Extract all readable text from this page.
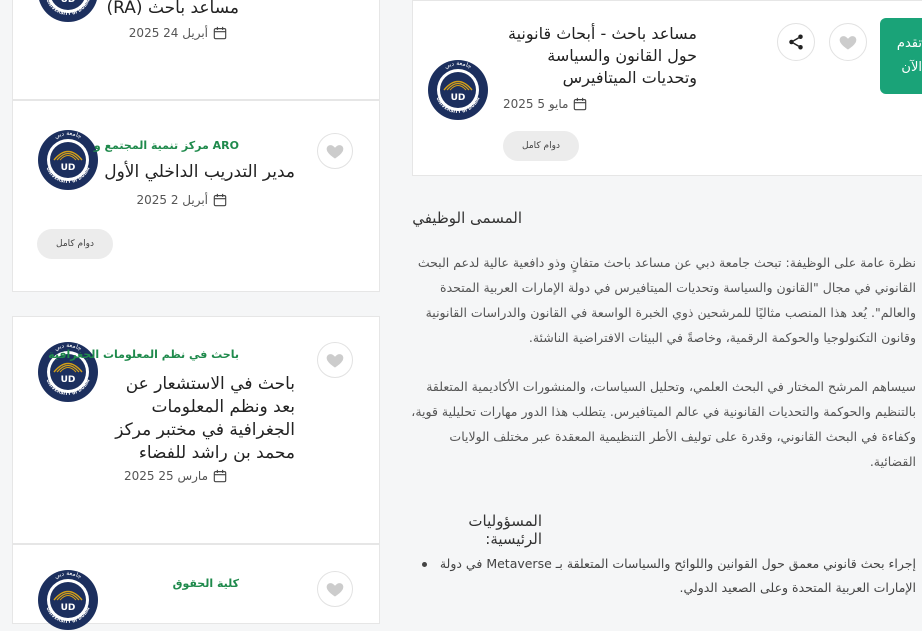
مساعد باحث (RA)
أبريل 24 2025
ARO مركز تنمية المجتمع و
مدير التدريب الداخلي الأول
أبريل 2 2025
دوام كامل
باحث في نظم المعلومات الجغرافية
باحث في الاستشعار عن بعد ونظم المعلومات الجغرافية في مختبر مركز محمد بن راشد للفضاء
مارس 25 2025
كلية الحقوق
مساعد باحث - أبحاث قانونية حول القانون والسياسة وتحديات الميتافيرس
مايو 5 2025
دوام كامل
المسمى الوظيفي
نظرة عامة على الوظيفة: تبحث جامعة دبي عن مساعد باحث متفانٍ وذو دافعية عالية لدعم البحث القانوني في مجال "القانون والسياسة وتحديات الميتافيرس في دولة الإمارات العربية المتحدة والعالم". يُعد هذا المنصب مثاليًا للمرشحين ذوي الخبرة الواسعة في القانون والدراسات القانونية وقانون التكنولوجيا والحوكمة الرقمية، وخاصةً في البيئات الافتراضية الناشئة.
سيساهم المرشح المختار في البحث العلمي، وتحليل السياسات، والمنشورات الأكاديمية المتعلقة بالتنظيم والحوكمة والتحديات القانونية في عالم الميتافيرس. يتطلب هذا الدور مهارات تحليلية قوية، وكفاءة في البحث القانوني، وقدرة على توليف الأطر التنظيمية المعقدة عبر مختلف الولايات القضائية.
المسؤوليات الرئيسية:
إجراء بحث قانوني معمق حول القوانين واللوائح والسياسات المتعلقة بـ Metaverse في دولة الإمارات العربية المتحدة وعلى الصعيد الدولي.
تقدم الآن
